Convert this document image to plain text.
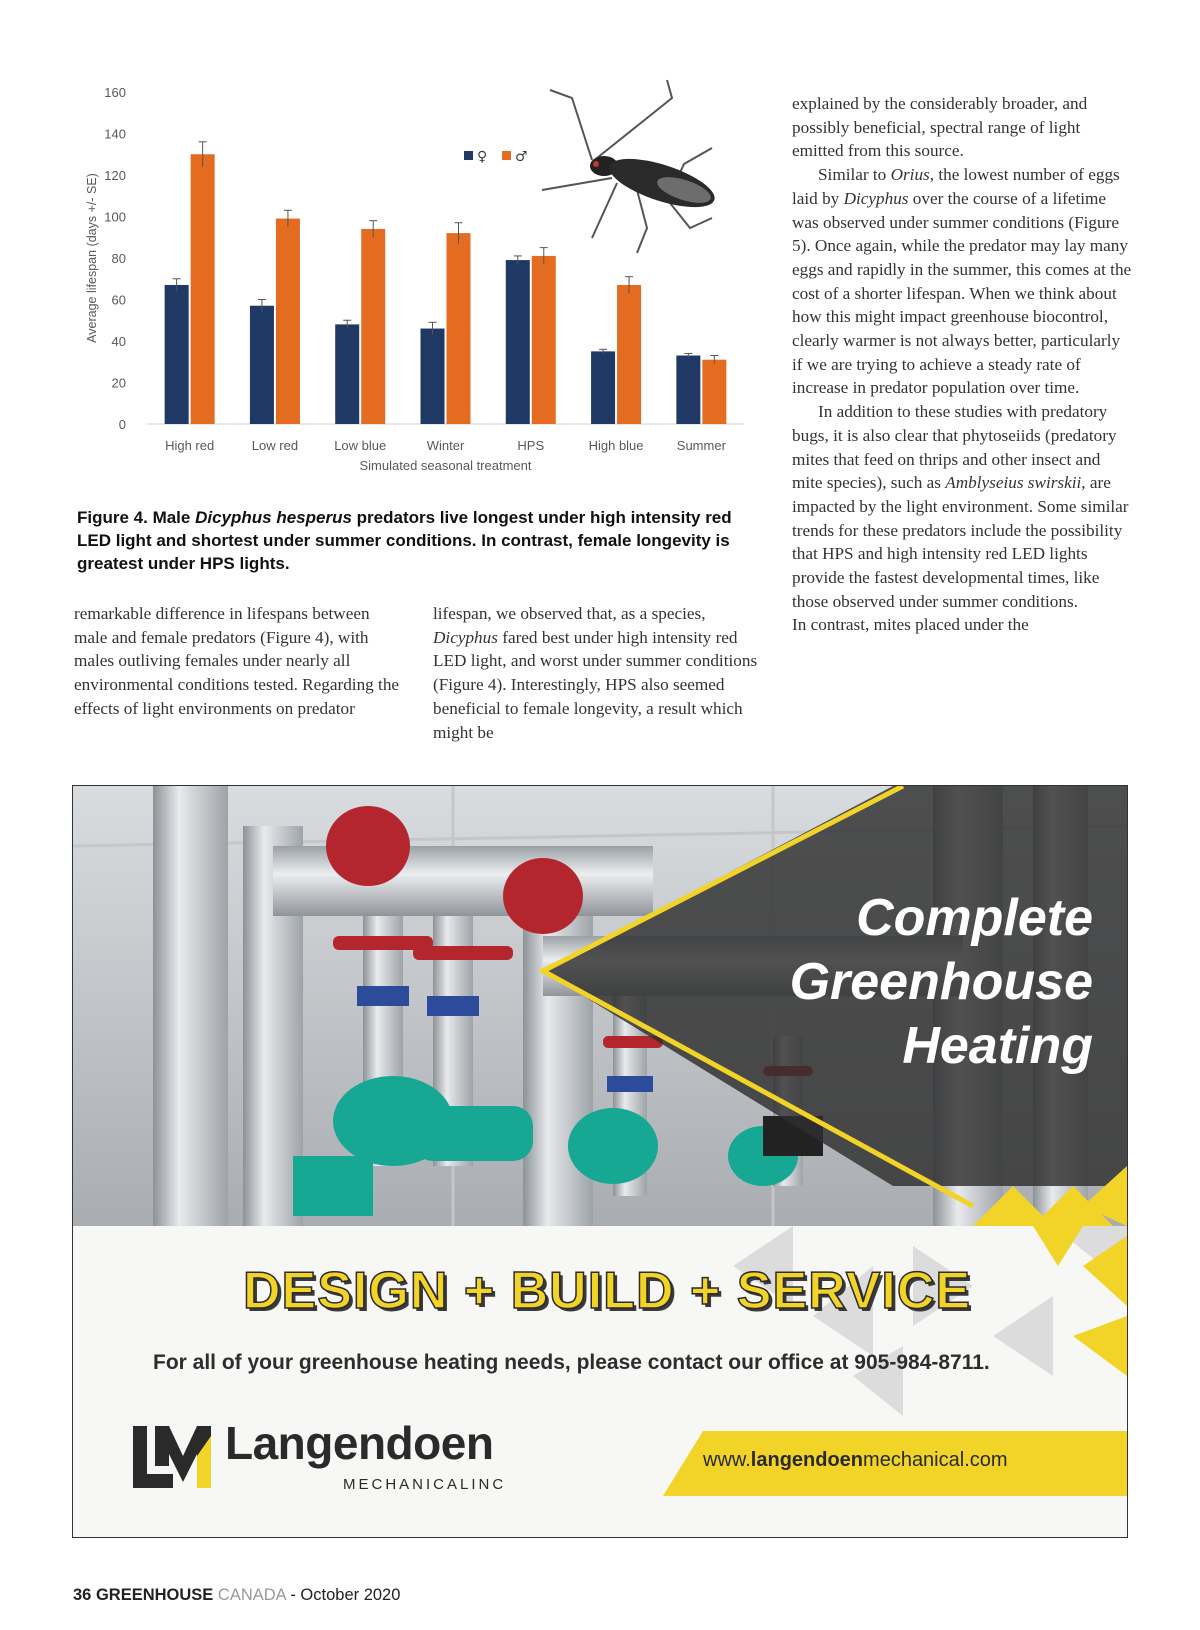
0
20
40
60
80
100
120
140
160
High red	Low red	Low blue	Winter	HPS	High blue	Summer
Simulated seasonal treatment
Average lifespan (days +/- SE)
♀ ♂
Figure 4. Male Dicyphus hesperus predators live longest under high intensity red LED light and shortest under summer conditions. In contrast, female longevity is greatest under HPS lights.

remarkable difference in lifespans between male and female predators (Figure 4), with males outliving females under nearly all environmental conditions tested. Regarding the effects of light environments on predator

lifespan, we observed that, as a species, Dicyphus fared best under high intensity red LED light, and worst under summer conditions (Figure 4). Interestingly, HPS also seemed beneficial to female longevity, a result which might be

explained by the considerably broader, and possibly beneficial, spectral range of light emitted from this source.

Similar to Orius, the lowest number of eggs laid by Dicyphus over the course of a lifetime was observed under summer conditions (Figure 5). Once again, while the predator may lay many eggs and rapidly in the summer, this comes at the cost of a shorter lifespan. When we think about how this might impact greenhouse biocontrol, clearly warmer is not always better, particularly if we are trying to achieve a steady rate of increase in predator population over time.

In addition to these studies with predatory bugs, it is also clear that phytoseiids (predatory mites that feed on thrips and other insect and mite species), such as Amblyseius swirskii, are impacted by the light environment. Some similar trends for these predators include the possibility that HPS and high intensity red LED lights provide the fastest developmental times, like those observed under summer conditions.

In contrast, mites placed under the

Complete
Greenhouse
Heating
DESIGN + BUILD + SERVICE
For all of your greenhouse heating needs, please contact our office at 905-984-8711.
Langendoen
MECHANICALINC
www.langendoenmechanical.com
36 GREENHOUSE CANADA - October 2020
